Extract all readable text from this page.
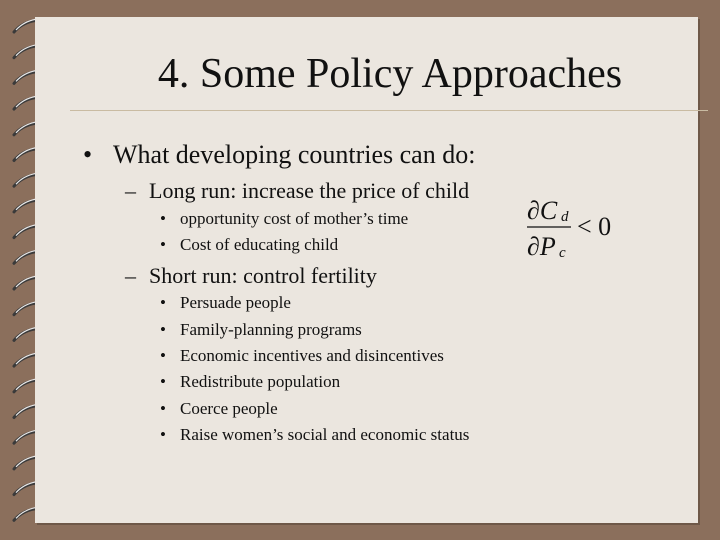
4. Some Policy Approaches
• What developing countries can do:
– Long run: increase the price of child
• opportunity cost of mother’s time
• Cost of educating child
– Short run: control fertility
• Persuade people
• Family-planning programs
• Economic incentives and disincentives
• Redistribute population
• Coerce people
• Raise women’s social and economic status
∂C d
∂P c
< 0
